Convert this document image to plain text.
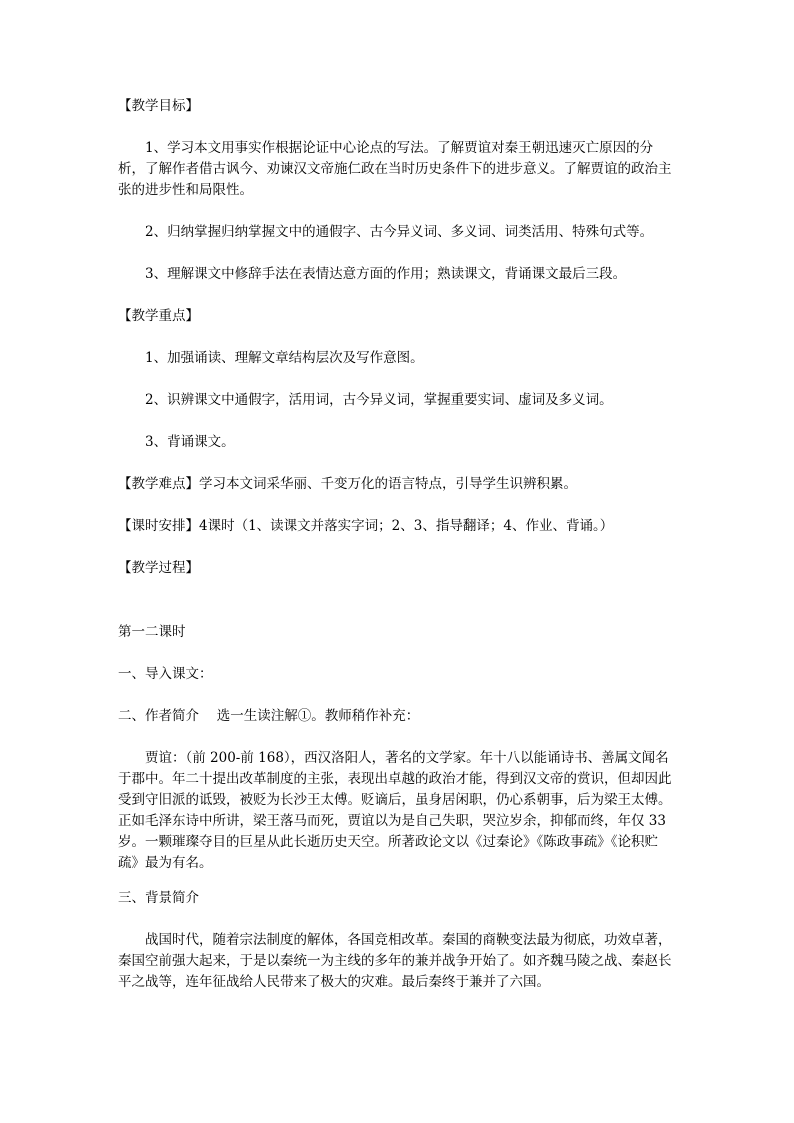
【教学目标】
1、学习本文用事实作根据论证中心论点的写法。了解贾谊对秦王朝迅速灭亡原因的分析，了解作者借古讽今、劝谏汉文帝施仁政在当时历史条件下的进步意义。了解贾谊的政治主张的进步性和局限性。
2、归纳掌握归纳掌握文中的通假字、古今异义词、多义词、词类活用、特殊句式等。
3、理解课文中修辞手法在表情达意方面的作用；熟读课文，背诵课文最后三段。
【教学重点】
1、加强诵读、理解文章结构层次及写作意图。
2、识辨课文中通假字，活用词，古今异义词，掌握重要实词、虚词及多义词。
3、背诵课文。
【教学难点】学习本文词采华丽、千变万化的语言特点，引导学生识辨积累。
【课时安排】4课时（1、读课文并落实字词；2、3、指导翻译；4、作业、背诵。）
【教学过程】
第一二课时
一、导入课文：
二、作者简介　 选一生读注解①。教师稍作补充：
贾谊：（前 200-前 168），西汉洛阳人，著名的文学家。年十八以能诵诗书、善属文闻名于郡中。年二十提出改革制度的主张，表现出卓越的政治才能，得到汉文帝的赏识，但却因此受到守旧派的诋毁，被贬为长沙王太傅。贬谪后，虽身居闲职，仍心系朝事，后为梁王太傅。正如毛泽东诗中所讲，梁王落马而死，贾谊以为是自己失职，哭泣岁余，抑郁而终，年仅 33 岁。一颗璀璨夺目的巨星从此长逝历史天空。所著政论文以《过秦论》《陈政事疏》《论积贮疏》最为有名。
三、背景简介
战国时代，随着宗法制度的解体，各国竞相改革。秦国的商鞅变法最为彻底，功效卓著，秦国空前强大起来，于是以秦统一为主线的多年的兼并战争开始了。如齐魏马陵之战、秦赵长平之战等，连年征战给人民带来了极大的灾难。最后秦终于兼并了六国。
